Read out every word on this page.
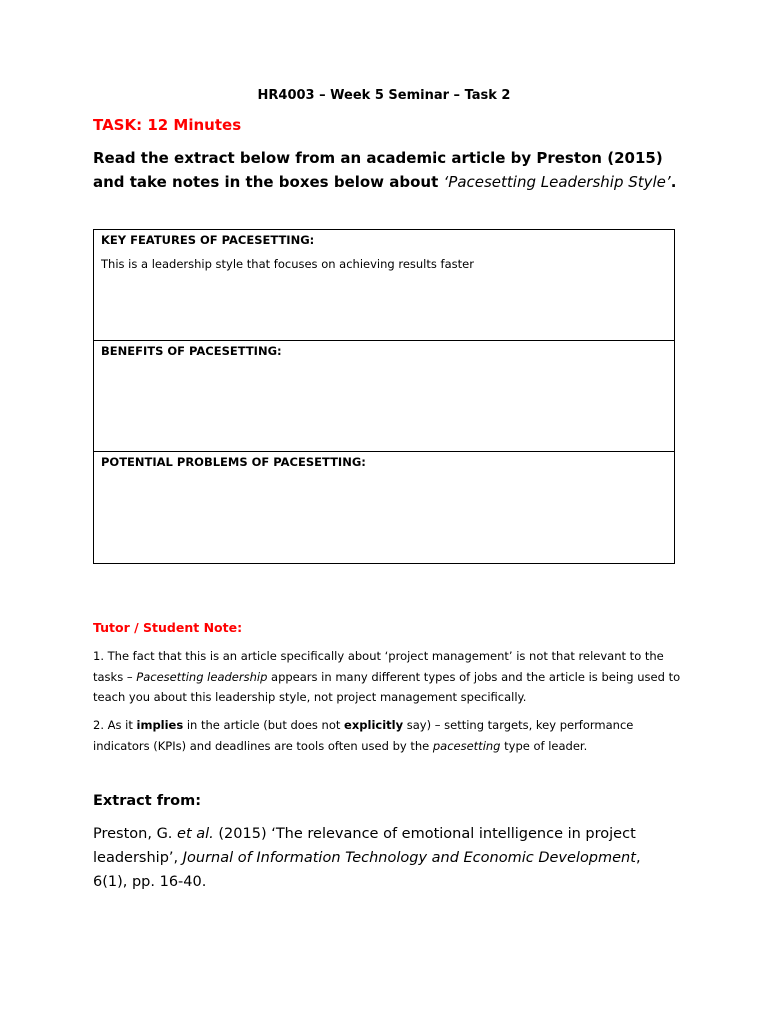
HR4003 – Week 5 Seminar – Task 2
TASK: 12 Minutes
Read the extract below from an academic article by Preston (2015) and take notes in the boxes below about ‘Pacesetting Leadership Style’.
KEY FEATURES OF PACESETTING:
This is a leadership style that focuses on achieving results faster
BENEFITS OF PACESETTING:
POTENTIAL PROBLEMS OF PACESETTING:
Tutor / Student Note:
1. The fact that this is an article specifically about ‘project management’ is not that relevant to the tasks – Pacesetting leadership appears in many different types of jobs and the article is being used to teach you about this leadership style, not project management specifically.
2. As it implies in the article (but does not explicitly say) – setting targets, key performance indicators (KPIs) and deadlines are tools often used by the pacesetting type of leader.
Extract from:
Preston, G. et al. (2015) ‘The relevance of emotional intelligence in project leadership’, Journal of Information Technology and Economic Development, 6(1), pp. 16-40.
